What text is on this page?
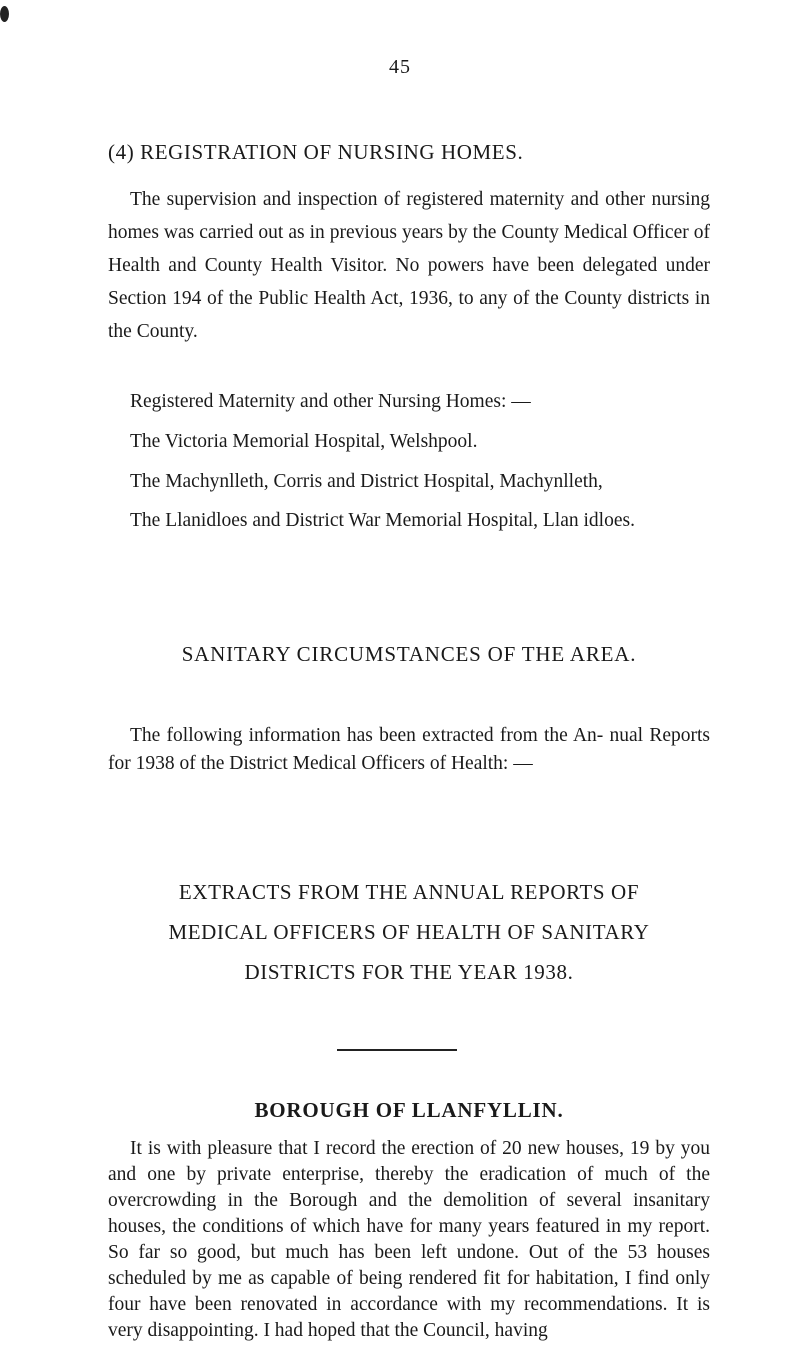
45
(4) REGISTRATION OF NURSING HOMES.

The supervision and inspection of registered maternity and other nursing homes was carried out as in previous years by the County Medical Officer of Health and County Health Visitor. No powers have been delegated under Section 194 of the Public Health Act, 1936, to any of the County districts in the County.

Registered Maternity and other Nursing Homes: —

The Victoria Memorial Hospital, Welshpool.

The Machynlleth, Corris and District Hospital, Machynlleth,

The Llanidloes and District War Memorial Hospital, Llan idloes.

SANITARY CIRCUMSTANCES OF THE AREA.

The following information has been extracted from the An- nual Reports for 1938 of the District Medical Officers of Health: —

EXTRACTS FROM THE ANNUAL REPORTS OF
MEDICAL OFFICERS OF HEALTH OF SANITARY
DISTRICTS FOR THE YEAR 1938.
BOROUGH OF LLANFYLLIN.

It is with pleasure that I record the erection of 20 new houses, 19 by you and one by private enterprise, thereby the eradication of much of the overcrowding in the Borough and the demolition of several insanitary houses, the conditions of which have for many years featured in my report. So far so good, but much has been left undone. Out of the 53 houses scheduled by me as capable of being rendered fit for habitation, I find only four have been renovated in accordance with my recommendations. It is very disappointing. I had hoped that the Council, having
